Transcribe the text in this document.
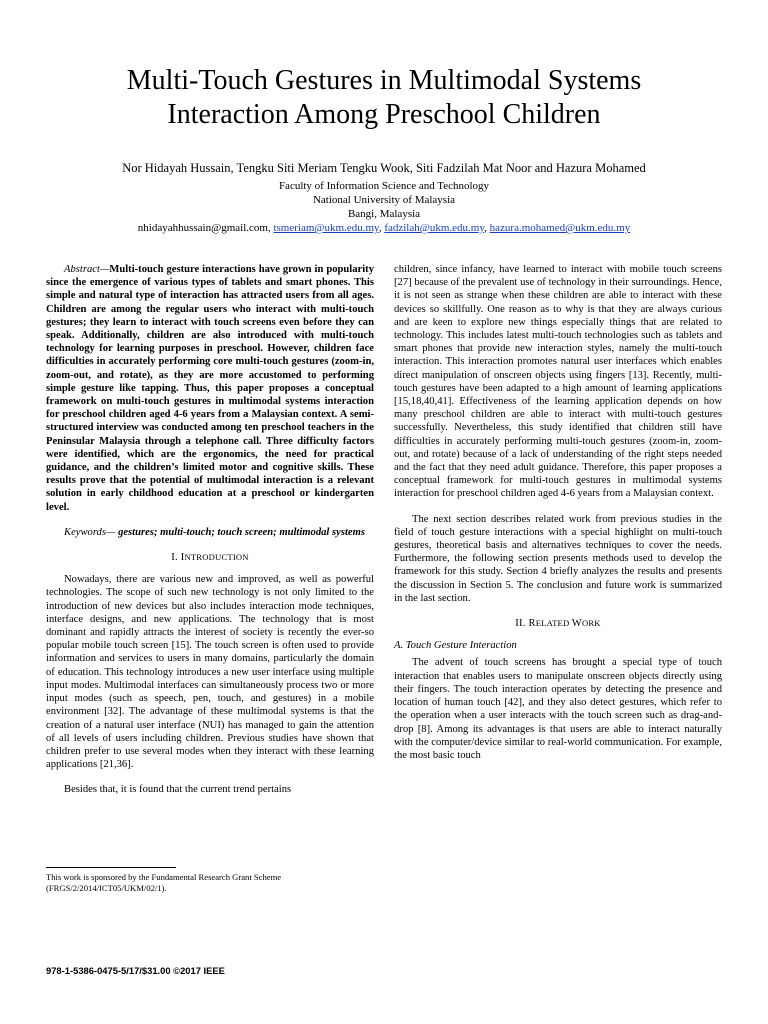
Multi-Touch Gestures in Multimodal Systems
Interaction Among Preschool Children
Nor Hidayah Hussain, Tengku Siti Meriam Tengku Wook, Siti Fadzilah Mat Noor and Hazura Mohamed
Faculty of Information Science and Technology
National University of Malaysia
Bangi, Malaysia
nhidayahhussain@gmail.com, tsmeriam@ukm.edu.my, fadzilah@ukm.edu.my, hazura.mohamed@ukm.edu.my

Abstract—Multi-touch gesture interactions have grown in popularity since the emergence of various types of tablets and smart phones. This simple and natural type of interaction has attracted users from all ages. Children are among the regular users who interact with multi-touch gestures; they learn to interact with touch screens even before they can speak. Additionally, children are also introduced with multi-touch technology for learning purposes in preschool. However, children face difficulties in accurately performing core multi-touch gestures (zoom-in, zoom-out, and rotate), as they are more accustomed to performing simple gesture like tapping. Thus, this paper proposes a conceptual framework on multi-touch gestures in multimodal systems interaction for preschool children aged 4-6 years from a Malaysian context. A semi-structured interview was conducted among ten preschool teachers in the Peninsular Malaysia through a telephone call. Three difficulty factors were identified, which are the ergonomics, the need for practical guidance, and the children’s limited motor and cognitive skills. These results prove that the potential of multimodal interaction is a relevant solution in early childhood education at a preschool or kindergarten level.

Keywords— gestures; multi-touch; touch screen; multimodal systems

I. INTRODUCTION

Nowadays, there are various new and improved, as well as powerful technologies. The scope of such new technology is not only limited to the introduction of new devices but also includes interaction mode techniques, interface designs, and new applications. The technology that is most dominant and rapidly attracts the interest of society is recently the ever-so popular mobile touch screen [15]. The touch screen is often used to provide information and services to users in many domains, particularly the domain of education. This technology introduces a new user interface using multiple input modes. Multimodal interfaces can simultaneously process two or more input modes (such as speech, pen, touch, and gestures) in a mobile environment [32]. The advantage of these multimodal systems is that the creation of a natural user interface (NUI) has managed to gain the attention of all levels of users including children. Previous studies have shown that children prefer to use several modes when they interact with these learning applications [21,36].

Besides that, it is found that the current trend pertains

children, since infancy, have learned to interact with mobile touch screens [27] because of the prevalent use of technology in their surroundings. Hence, it is not seen as strange when these children are able to interact with these devices so skillfully. One reason as to why is that they are always curious and are keen to explore new things especially things that are related to technology. This includes latest multi-touch technologies such as tablets and smart phones that provide new interaction styles, namely the multi-touch interaction. This interaction promotes natural user interfaces which enables direct manipulation of onscreen objects using fingers [13]. Recently, multi-touch gestures have been adapted to a high amount of learning applications [15,18,40,41]. Effectiveness of the learning application depends on how many preschool children are able to interact with multi-touch gestures successfully. Nevertheless, this study identified that children still have difficulties in accurately performing multi-touch gestures (zoom-in, zoom-out, and rotate) because of a lack of understanding of the right steps needed and the fact that they need adult guidance. Therefore, this paper proposes a conceptual framework for multi-touch gestures in multimodal systems interaction for preschool children aged 4-6 years from a Malaysian context.

The next section describes related work from previous studies in the field of touch gesture interactions with a special highlight on multi-touch gestures, theoretical basis and alternatives techniques to cover the needs. Furthermore, the following section presents methods used to develop the framework for this study. Section 4 briefly analyzes the results and presents the discussion in Section 5. The conclusion and future work is summarized in the last section.

II. RELATED WORK

A. Touch Gesture Interaction

The advent of touch screens has brought a special type of touch interaction that enables users to manipulate onscreen objects directly using their fingers. The touch interaction operates by detecting the presence and location of human touch [42], and they also detect gestures, which refer to the operation when a user interacts with the touch screen such as drag-and-drop [8]. Among its advantages is that users are able to interact naturally with the computer/device similar to real-world communication. For example, the most basic touch

This work is sponsored by the Fundamental Research Grant Scheme
(FRGS/2/2014/ICT05/UKM/02/1).
978-1-5386-0475-5/17/$31.00 ©2017 IEEE
